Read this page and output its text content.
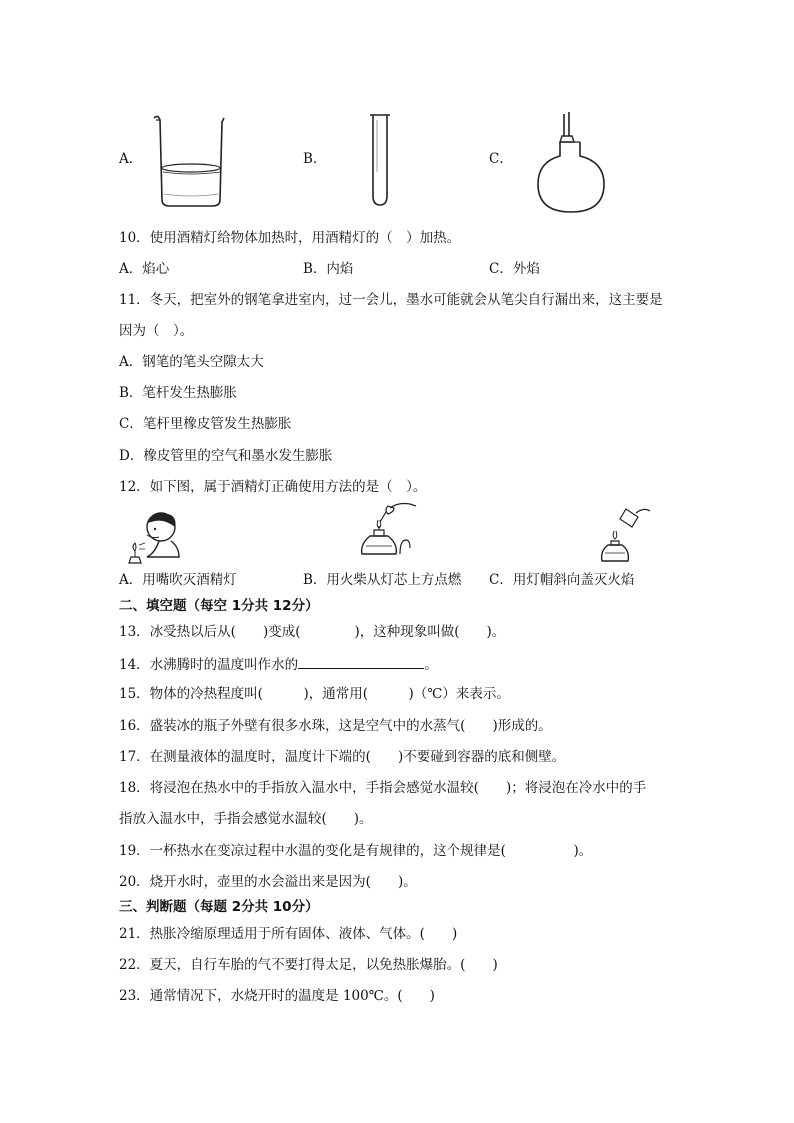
A．	B．	C．
10．使用酒精灯给物体加热时，用酒精灯的（　）加热。
A．焰心	B．内焰	C．外焰
11．冬天，把室外的钢笔拿进室内，过一会儿，墨水可能就会从笔尖自行漏出来，这主要是
因为（　）。
A．钢笔的笔头空隙太大
B．笔杆发生热膨胀
C．笔杆里橡皮管发生热膨胀
D．橡皮管里的空气和墨水发生膨胀
12．如下图，属于酒精灯正确使用方法的是（　）。
A．用嘴吹灭酒精灯	B．用火柴从灯芯上方点燃 C．用灯帽斜向盖灭火焰
二、填空题（每空 1分共 12分）
13．冰受热以后从(　　)变成(　　　　)，这种现象叫做(　　)。
14．水沸腾时的温度叫作水的	。
15．物体的冷热程度叫(　　　)，通常用(　　　)（℃）来表示。
16．盛装冰的瓶子外壁有很多水珠，这是空气中的水蒸气(　　)形成的。
17．在测量液体的温度时，温度计下端的(　　)不要碰到容器的底和侧壁。
18．将浸泡在热水中的手指放入温水中，手指会感觉水温较(　　)；将浸泡在冷水中的手
指放入温水中，手指会感觉水温较(　　)。
19．一杯热水在变凉过程中水温的变化是有规律的，这个规律是(　　　　　)。
20．烧开水时，壶里的水会溢出来是因为(　　)。
三、判断题（每题 2分共 10分）
21．热胀冷缩原理适用于所有固体、液体、气体。(　　)
22．夏天，自行车胎的气不要打得太足，以免热胀爆胎。(　　)
23．通常情况下，水烧开时的温度是 100℃。(　　)
